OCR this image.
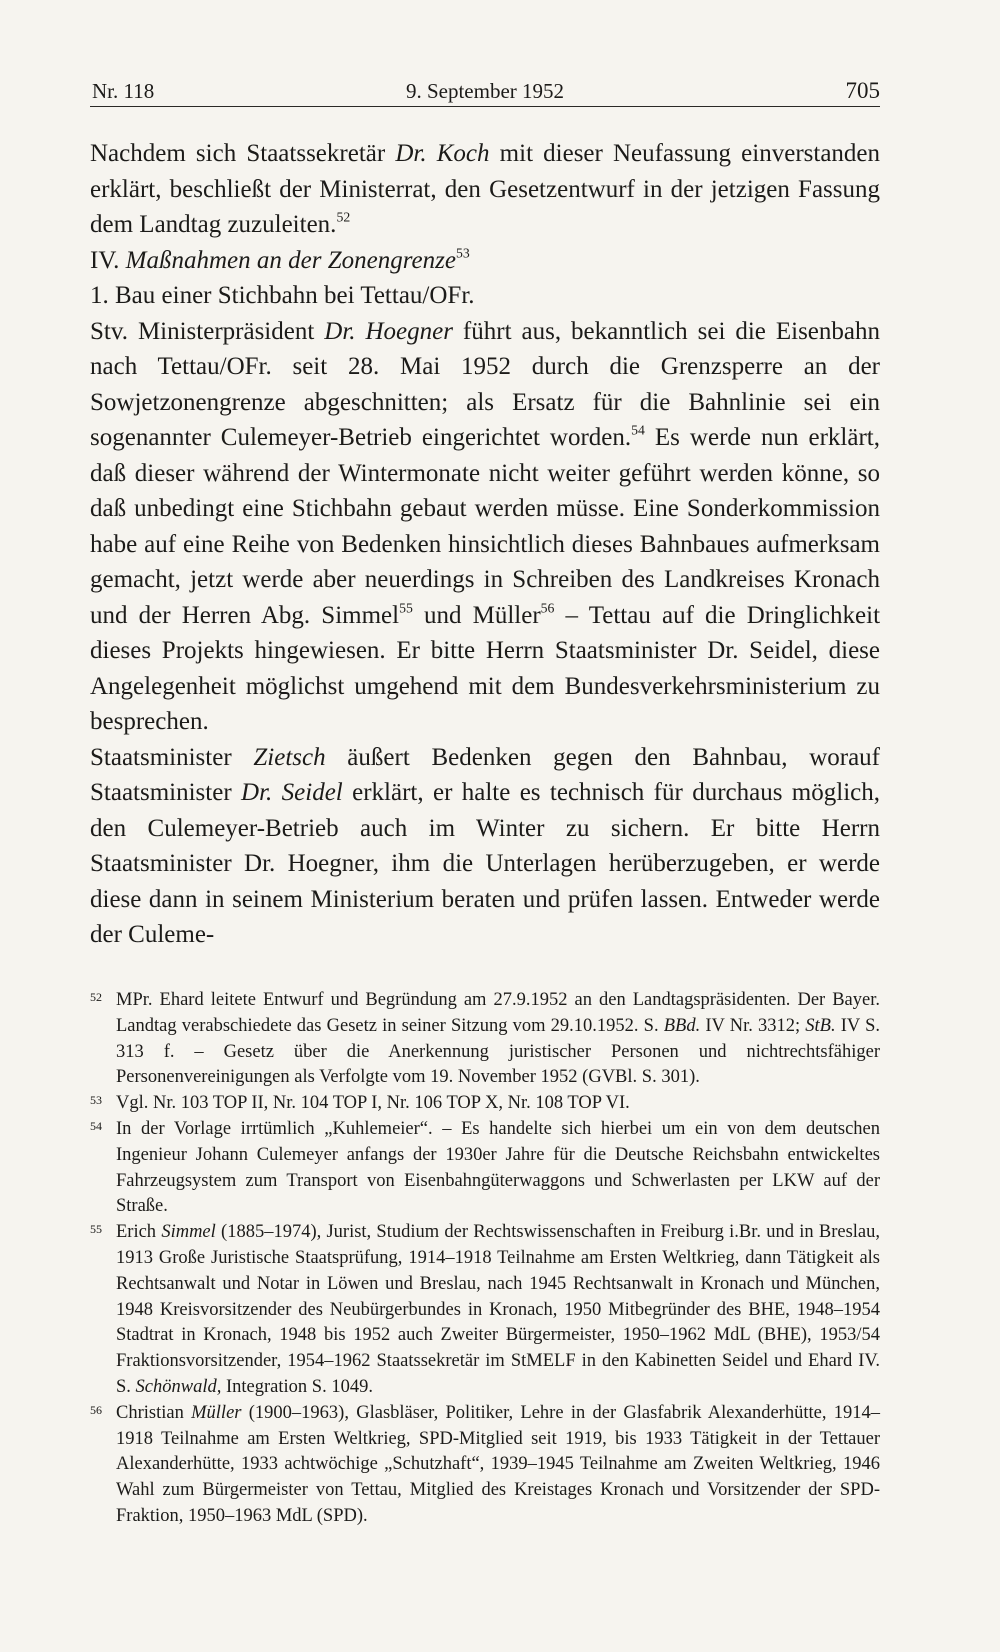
Nr. 118	9. September 1952	705

Nachdem sich Staatssekretär Dr. Koch mit dieser Neufassung einverstanden erklärt, beschließt der Ministerrat, den Gesetzentwurf in der jetzigen Fassung dem Landtag zuzuleiten.$^{52}$

IV. Maßnahmen an der Zonengrenze$^{53}$

1. Bau einer Stichbahn bei Tettau/OFr.

Stv. Ministerpräsident Dr. Hoegner führt aus, bekanntlich sei die Eisenbahn nach Tettau/OFr. seit 28. Mai 1952 durch die Grenzsperre an der Sowjetzonengrenze abgeschnitten; als Ersatz für die Bahnlinie sei ein sogenannter Culemeyer-Betrieb eingerichtet worden.$^{54}$ Es werde nun erklärt, daß dieser während der Wintermonate nicht weiter geführt werden könne, so daß unbedingt eine Stichbahn gebaut werden müsse. Eine Sonderkommission habe auf eine Reihe von Bedenken hinsichtlich dieses Bahnbaues aufmerksam gemacht, jetzt werde aber neuerdings in Schreiben des Landkreises Kronach und der Herren Abg. Simmel$^{55}$ und Müller$^{56}$ – Tettau auf die Dringlichkeit dieses Projekts hingewiesen. Er bitte Herrn Staatsminister Dr. Seidel, diese Angelegenheit möglichst umgehend mit dem Bundesverkehrsministerium zu besprechen.

Staatsminister Zietsch äußert Bedenken gegen den Bahnbau, worauf Staatsminister Dr. Seidel erklärt, er halte es technisch für durchaus möglich, den Culemeyer-Betrieb auch im Winter zu sichern. Er bitte Herrn Staatsminister Dr. Hoegner, ihm die Unterlagen herüberzugeben, er werde diese dann in seinem Ministerium beraten und prüfen lassen. Entweder werde der Culeme-

52 MPr. Ehard leitete Entwurf und Begründung am 27.9.1952 an den Landtagspräsidenten. Der Bayer. Landtag verabschiedete das Gesetz in seiner Sitzung vom 29.10.1952. S. BBd. IV Nr. 3312; StB. IV S. 313 f. – Gesetz über die Anerkennung juristischer Personen und nichtrechtsfähiger Personenvereinigungen als Verfolgte vom 19. November 1952 (GVBl. S. 301).

53 Vgl. Nr. 103 TOP II, Nr. 104 TOP I, Nr. 106 TOP X, Nr. 108 TOP VI.

54 In der Vorlage irrtümlich „Kuhlemeier“. – Es handelte sich hierbei um ein von dem deutschen Ingenieur Johann Culemeyer anfangs der 1930er Jahre für die Deutsche Reichsbahn entwickeltes Fahrzeugsystem zum Transport von Eisenbahngüterwaggons und Schwerlasten per LKW auf der Straße.

55 Erich Simmel (1885–1974), Jurist, Studium der Rechtswissenschaften in Freiburg i.Br. und in Breslau, 1913 Große Juristische Staatsprüfung, 1914–1918 Teilnahme am Ersten Weltkrieg, dann Tätigkeit als Rechtsanwalt und Notar in Löwen und Breslau, nach 1945 Rechtsanwalt in Kronach und München, 1948 Kreisvorsitzender des Neubürgerbundes in Kronach, 1950 Mitbegründer des BHE, 1948–1954 Stadtrat in Kronach, 1948 bis 1952 auch Zweiter Bürgermeister, 1950–1962 MdL (BHE), 1953/54 Fraktionsvorsitzender, 1954–1962 Staatssekretär im StMELF in den Kabinetten Seidel und Ehard IV. S. Schönwald, Integration S. 1049.

56 Christian Müller (1900–1963), Glasbläser, Politiker, Lehre in der Glasfabrik Alexanderhütte, 1914–1918 Teilnahme am Ersten Weltkrieg, SPD-Mitglied seit 1919, bis 1933 Tätigkeit in der Tettauer Alexanderhütte, 1933 achtwöchige „Schutzhaft“, 1939–1945 Teilnahme am Zweiten Weltkrieg, 1946 Wahl zum Bürgermeister von Tettau, Mitglied des Kreistages Kronach und Vorsitzender der SPD-Fraktion, 1950–1963 MdL (SPD).
